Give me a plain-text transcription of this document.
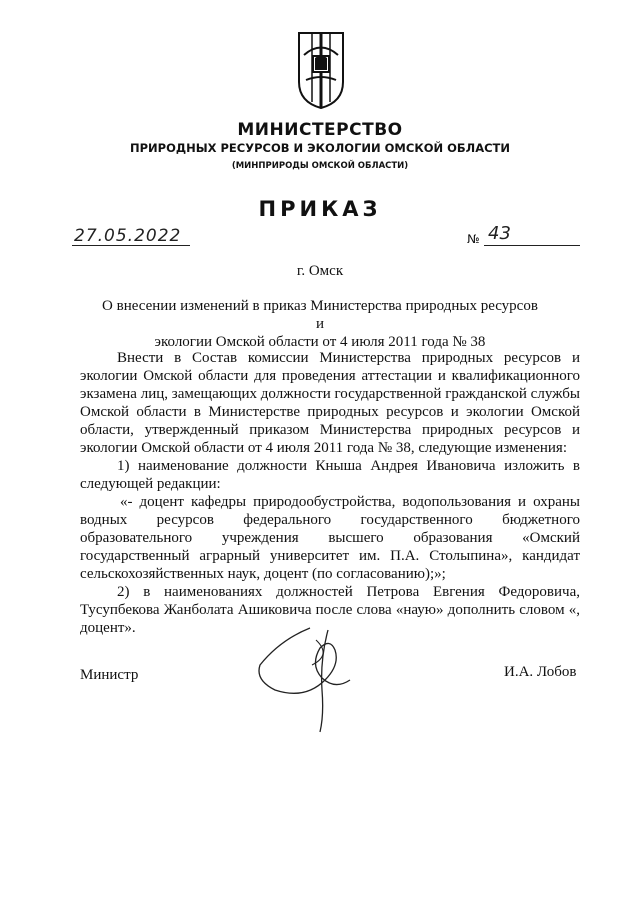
МИНИСТЕРСТВО
ПРИРОДНЫХ РЕСУРСОВ И ЭКОЛОГИИ ОМСКОЙ ОБЛАСТИ
(МИНПРИРОДЫ ОМСКОЙ ОБЛАСТИ)
ПРИКАЗ
27.05.2022	№ 43
г. Омск
О внесении изменений в приказ Министерства природных ресурсов и
экологии Омской области от 4 июля 2011 года № 38

Внести в Состав комиссии Министерства природных ресурсов и экологии Омской области для проведения аттестации и квалификационного экзамена лиц, замещающих должности государственной гражданской службы Омской области в Министерстве природных ресурсов и экологии Омской области, утвержденный приказом Министерства природных ресурсов и экологии Омской области от 4 июля 2011 года № 38, следующие изменения:

1) наименование должности Кныша Андрея Ивановича изложить в следующей редакции:

«- доцент кафедры природообустройства, водопользования и охраны водных ресурсов федерального государственного бюджетного образовательного учреждения высшего образования «Омский государственный аграрный университет им. П.А. Столыпина», кандидат сельскохозяйственных наук, доцент (по согласованию);»;

2) в наименованиях должностей Петрова Евгения Федоровича, Тусупбекова Жанболата Ашиковича после слова «наую» дополнить словом «, доцент».

Министр	И.А. Лобов
